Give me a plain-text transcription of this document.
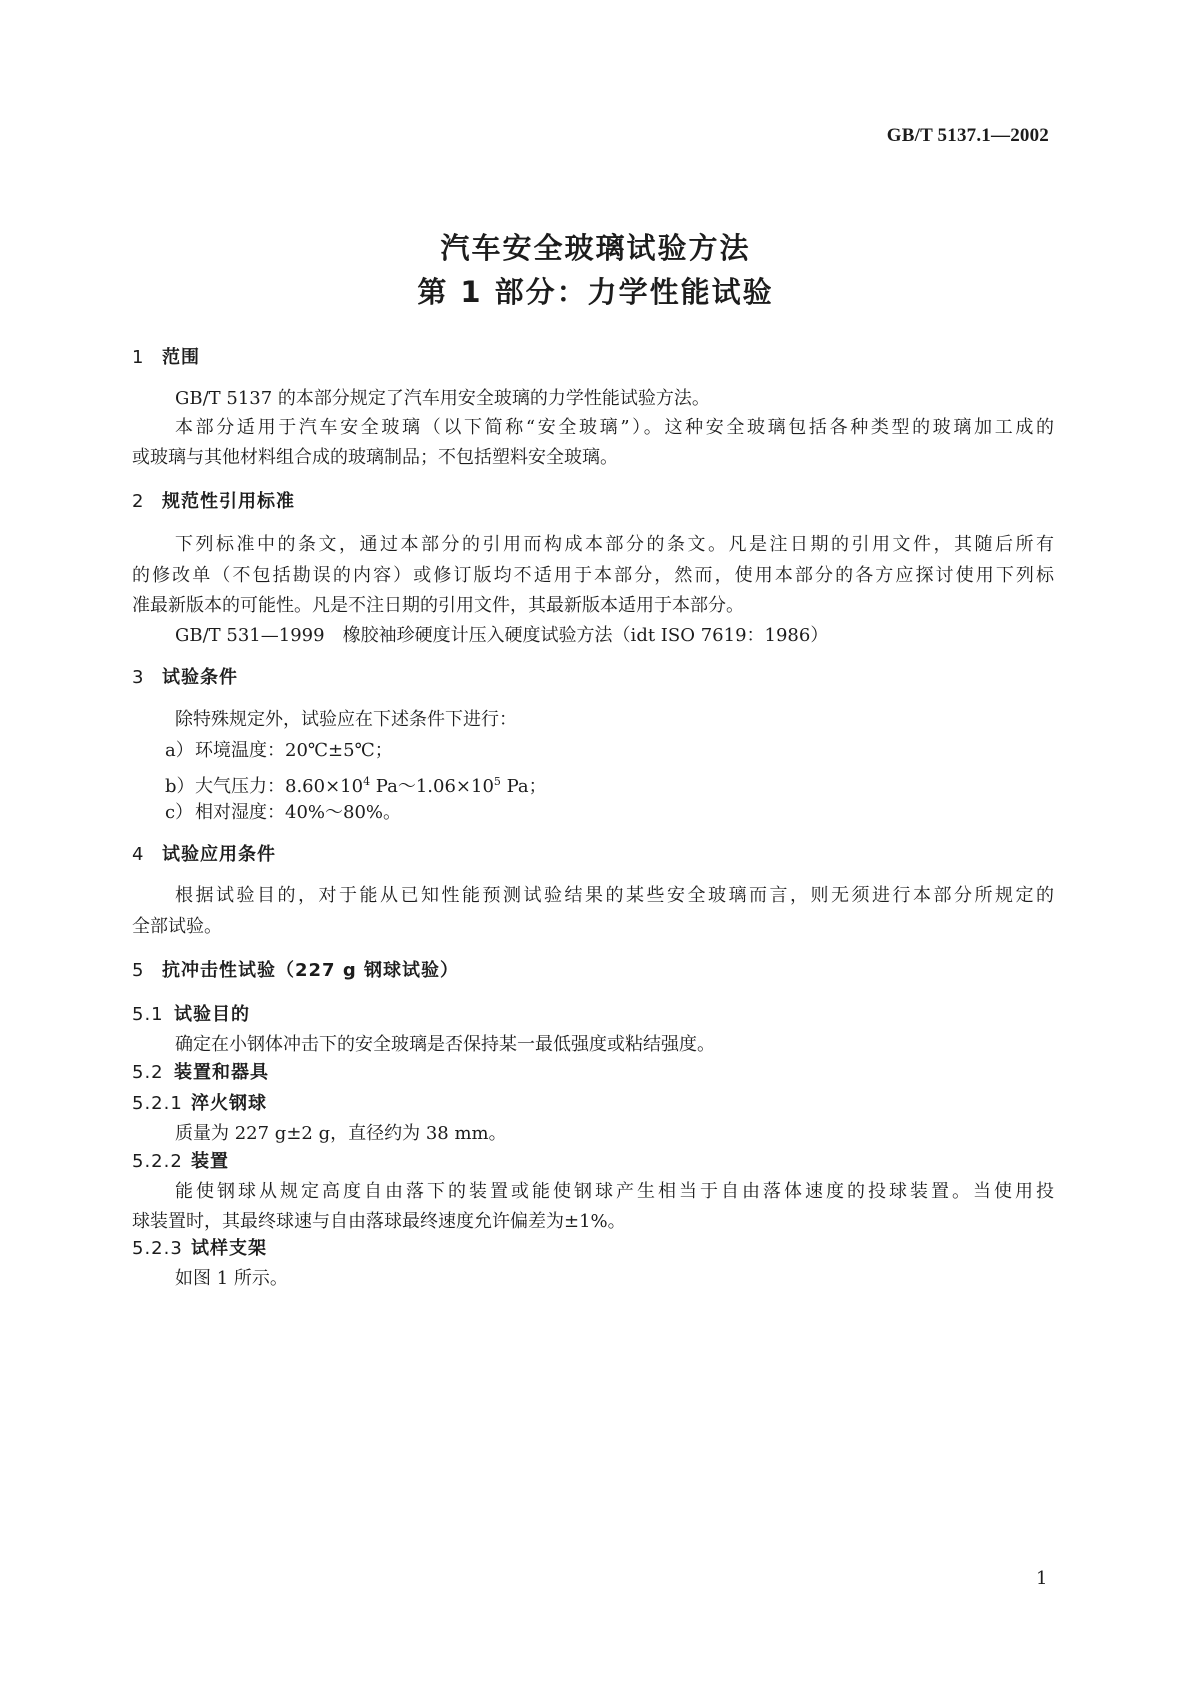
GB/T 5137.1—2002
汽车安全玻璃试验方法
第 1 部分：力学性能试验
1 范围
GB/T 5137 的本部分规定了汽车用安全玻璃的力学性能试验方法。
本部分适用于汽车安全玻璃（以下简称“安全玻璃”）。这种安全玻璃包括各种类型的玻璃加工成的
或玻璃与其他材料组合成的玻璃制品；不包括塑料安全玻璃。
2 规范性引用标准
下列标准中的条文，通过本部分的引用而构成本部分的条文。凡是注日期的引用文件，其随后所有
的修改单（不包括勘误的内容）或修订版均不适用于本部分，然而，使用本部分的各方应探讨使用下列标
准最新版本的可能性。凡是不注日期的引用文件，其最新版本适用于本部分。
GB/T 531—1999　橡胶袖珍硬度计压入硬度试验方法（idt ISO 7619：1986）
3 试验条件
除特殊规定外，试验应在下述条件下进行：
a）环境温度：20℃±5℃；
b）大气压力：$8.60\times 10^4$ $Pa\sim 1.06\times 10^5$ Pa；
c） 相对湿度：40%～80%。
4 试验应用条件
根据试验目的，对于能从已知性能预测试验结果的某些安全玻璃而言，则无须进行本部分所规定的
全部试验。
5 抗冲击性试验（227 g 钢球试验）
5.1 试验目的
确定在小钢体冲击下的安全玻璃是否保持某一最低强度或粘结强度。
5.2 装置和器具
5.2.1 淬火钢球
质量为 227 g±2 g，直径约为 38 mm。
5.2.2 装置
能使钢球从规定高度自由落下的装置或能使钢球产生相当于自由落体速度的投球装置。当使用投
球装置时，其最终球速与自由落球最终速度允许偏差为±1%。
5.2.3 试样支架
如图 1 所示。
1
